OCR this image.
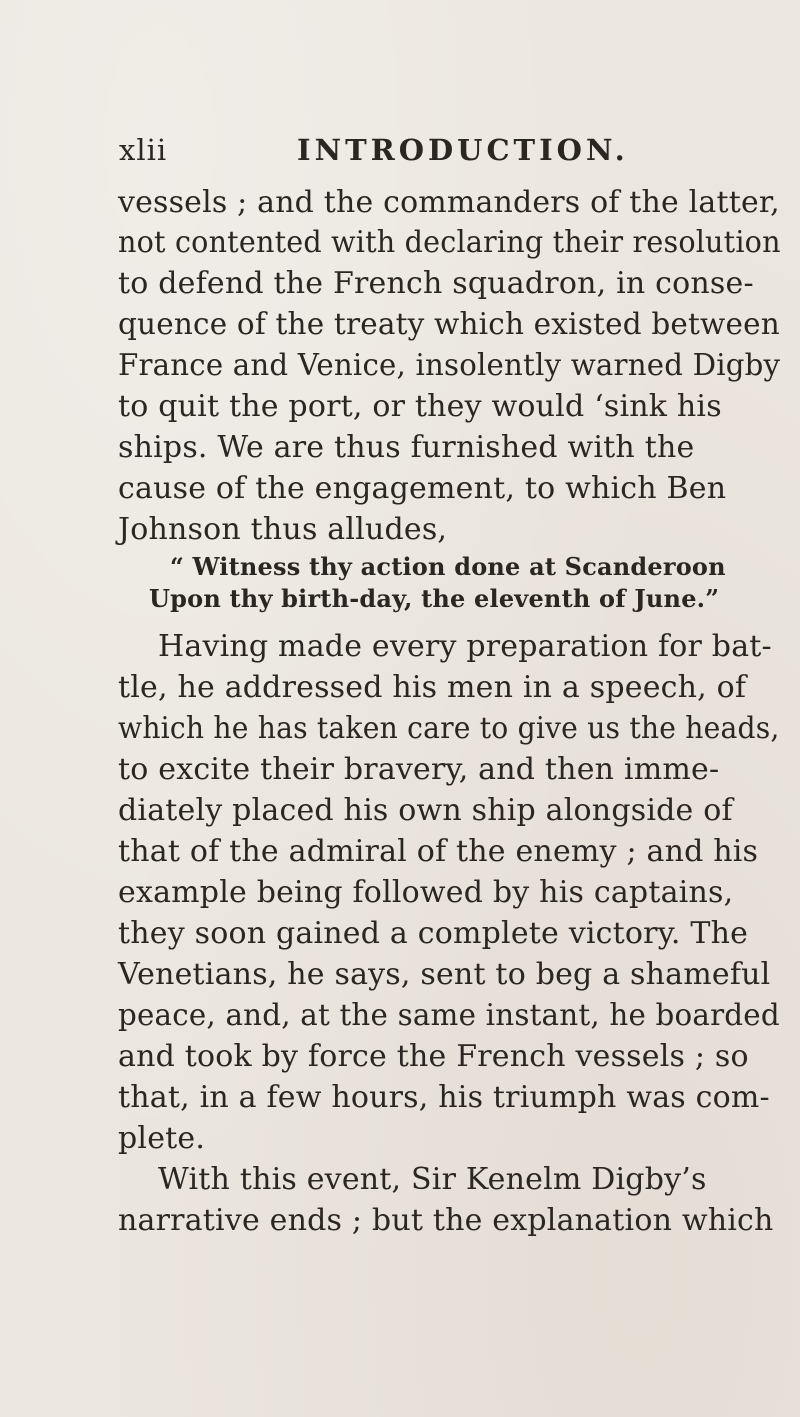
xlii	INTRODUCTION.
vessels ; and the commanders of the latter,
not contented with declaring their resolution
to defend the French squadron, in conse-
quence of the treaty which existed between
France and Venice, insolently warned Digby
to quit the port, or they would ‘sink his
ships. We are thus furnished with the
cause of the engagement, to which Ben
Johnson thus alludes,
“ Witness thy action done at Scanderoon
Upon thy birth-day, the eleventh of June.”
Having made every preparation for bat-
tle, he addressed his men in a speech, of
which he has taken care to give us the heads,
to excite their bravery, and then imme-
diately placed his own ship alongside of
that of the admiral of the enemy ; and his
example being followed by his captains,
they soon gained a complete victory. The
Venetians, he says, sent to beg a shameful
peace, and, at the same instant, he boarded
and took by force the French vessels ; so
that, in a few hours, his triumph was com-
plete.
With this event, Sir Kenelm Digby’s
narrative ends ; but the explanation which
